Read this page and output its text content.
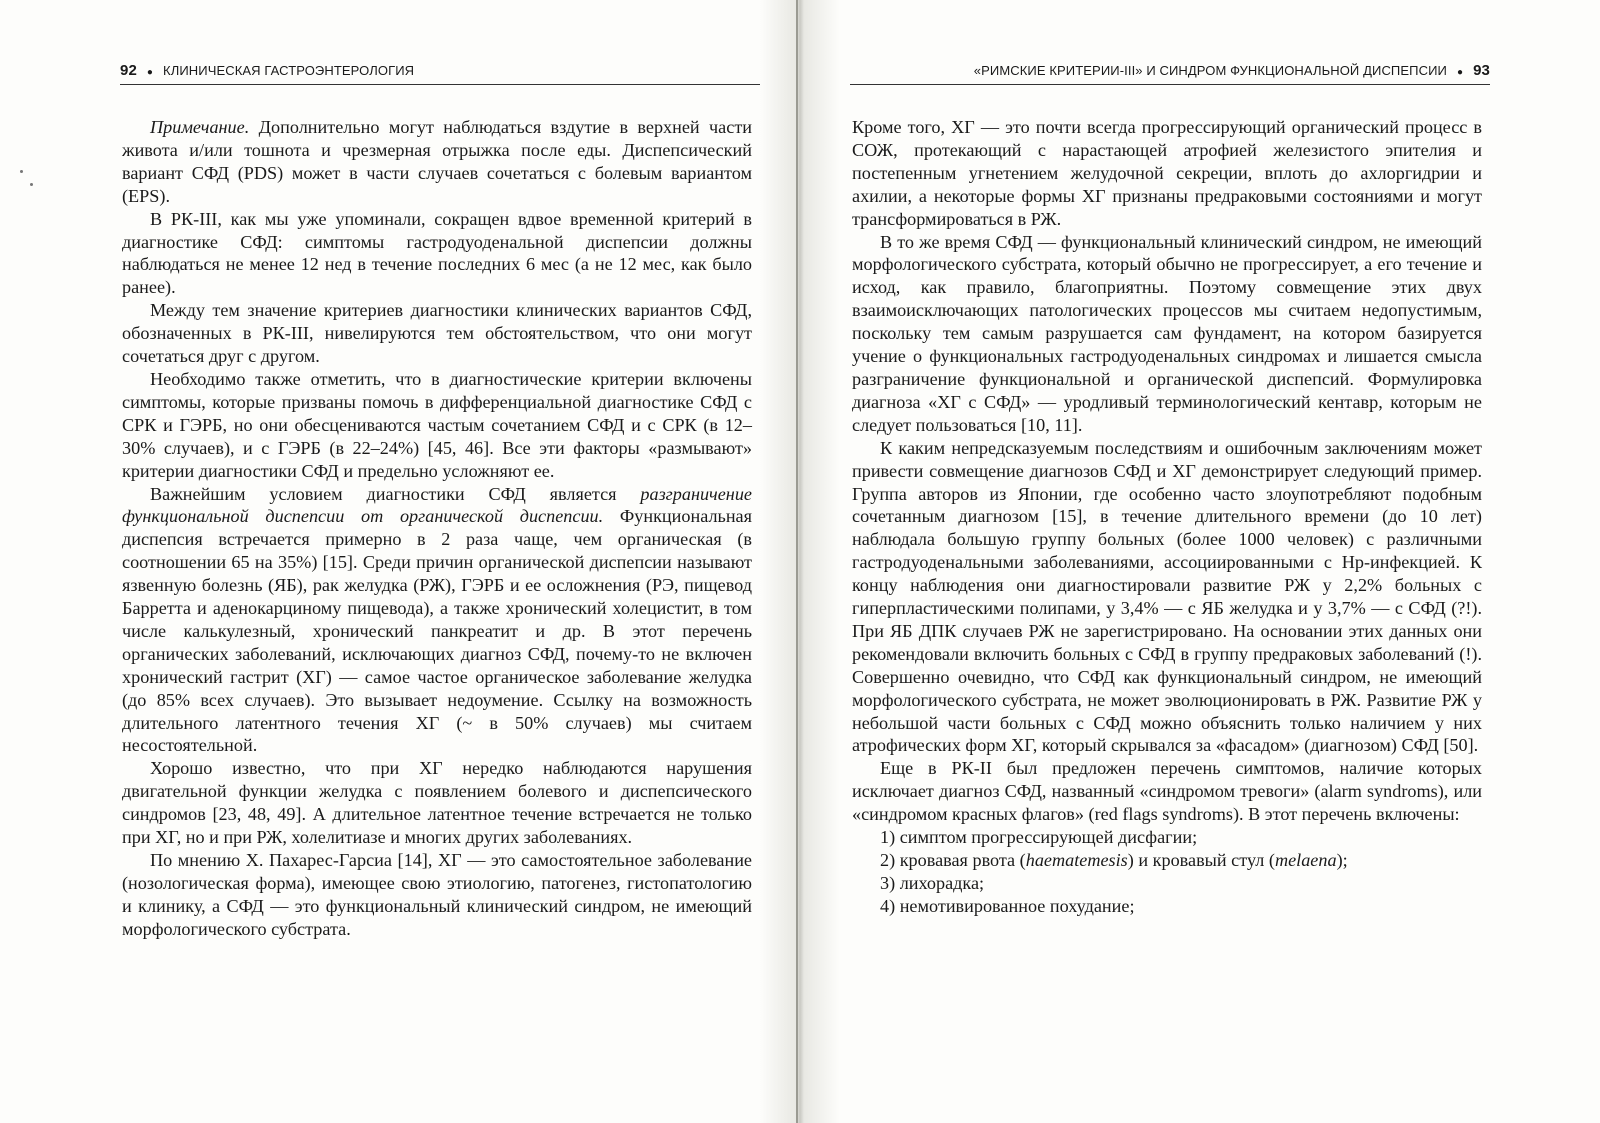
92 ● КЛИНИЧЕСКАЯ ГАСТРОЭНТЕРОЛОГИЯ

Примечание. Дополнительно могут наблюдаться вздутие в верхней части живота и/или тошнота и чрезмерная отрыжка после еды. Диспепсический вариант СФД (PDS) может в части случаев сочетаться с болевым вариантом (EPS).

В РК-III, как мы уже упоминали, сокращен вдвое временной критерий в диагностике СФД: симптомы гастродуоденальной диспепсии должны наблюдаться не менее 12 нед в течение последних 6 мес (а не 12 мес, как было ранее).

Между тем значение критериев диагностики клинических вариантов СФД, обозначенных в РК-III, нивелируются тем обстоятельством, что они могут сочетаться друг с другом.

Необходимо также отметить, что в диагностические критерии включены симптомы, которые призваны помочь в дифференциальной диагностике СФД с СРК и ГЭРБ, но они обесцениваются частым сочетанием СФД и с СРК (в 12–30% случаев), и с ГЭРБ (в 22–24%) [45, 46]. Все эти факторы «размывают» критерии диагностики СФД и предельно усложняют ее.

Важнейшим условием диагностики СФД является разграничение функциональной диспепсии от органической диспепсии. Функциональная диспепсия встречается примерно в 2 раза чаще, чем органическая (в соотношении 65 на 35%) [15]. Среди причин органической диспепсии называют язвенную болезнь (ЯБ), рак желудка (РЖ), ГЭРБ и ее осложнения (РЭ, пищевод Барретта и аденокарциному пищевода), а также хронический холецистит, в том числе калькулезный, хронический панкреатит и др. В этот перечень органических заболеваний, исключающих диагноз СФД, почему-то не включен хронический гастрит (ХГ) — самое частое органическое заболевание желудка (до 85% всех случаев). Это вызывает недоумение. Ссылку на возможность длительного латентного течения ХГ (~ в 50% случаев) мы считаем несостоятельной.

Хорошо известно, что при ХГ нередко наблюдаются нарушения двигательной функции желудка с появлением болевого и диспепсического синдромов [23, 48, 49]. А длительное латентное течение встречается не только при ХГ, но и при РЖ, холелитиазе и многих других заболеваниях.

По мнению Х. Пахарес-Гарсиа [14], ХГ — это самостоятельное заболевание (нозологическая форма), имеющее свою этиологию, патогенез, гистопатологию и клинику, а СФД — это функциональный клинический синдром, не имеющий морфологического субстрата.

«РИМСКИЕ КРИТЕРИИ-III» И СИНДРОМ ФУНКЦИОНАЛЬНОЙ ДИСПЕПСИИ ● 93

Кроме того, ХГ — это почти всегда прогрессирующий органический процесс в СОЖ, протекающий с нарастающей атрофией железистого эпителия и постепенным угнетением желудочной секреции, вплоть до ахлоргидрии и ахилии, а некоторые формы ХГ признаны предраковыми состояниями и могут трансформироваться в РЖ.

В то же время СФД — функциональный клинический синдром, не имеющий морфологического субстрата, который обычно не прогрессирует, а его течение и исход, как правило, благоприятны. Поэтому совмещение этих двух взаимоисключающих патологических процессов мы считаем недопустимым, поскольку тем самым разрушается сам фундамент, на котором базируется учение о функциональных гастродуоденальных синдромах и лишается смысла разграничение функциональной и органической диспепсий. Формулировка диагноза «ХГ с СФД» — уродливый терминологический кентавр, которым не следует пользоваться [10, 11].

К каким непредсказуемым последствиям и ошибочным заключениям может привести совмещение диагнозов СФД и ХГ демонстрирует следующий пример. Группа авторов из Японии, где особенно часто злоупотребляют подобным сочетанным диагнозом [15], в течение длительного времени (до 10 лет) наблюдала большую группу больных (более 1000 человек) с различными гастродуоденальными заболеваниями, ассоциированными с Нр-инфекцией. К концу наблюдения они диагностировали развитие РЖ у 2,2% больных с гиперпластическими полипами, у 3,4% — с ЯБ желудка и у 3,7% — с СФД (?!). При ЯБ ДПК случаев РЖ не зарегистрировано. На основании этих данных они рекомендовали включить больных с СФД в группу предраковых заболеваний (!). Совершенно очевидно, что СФД как функциональный синдром, не имеющий морфологического субстрата, не может эволюционировать в РЖ. Развитие РЖ у небольшой части больных с СФД можно объяснить только наличием у них атрофических форм ХГ, который скрывался за «фасадом» (диагнозом) СФД [50].

Еще в РК-II был предложен перечень симптомов, наличие которых исключает диагноз СФД, названный «синдромом тревоги» (alarm syndroms), или «синдромом красных флагов» (red flags syndroms). В этот перечень включены:

1) симптом прогрессирующей дисфагии;

2) кровавая рвота (haematemesis) и кровавый стул (melaena);

3) лихорадка;

4) немотивированное похудание;
